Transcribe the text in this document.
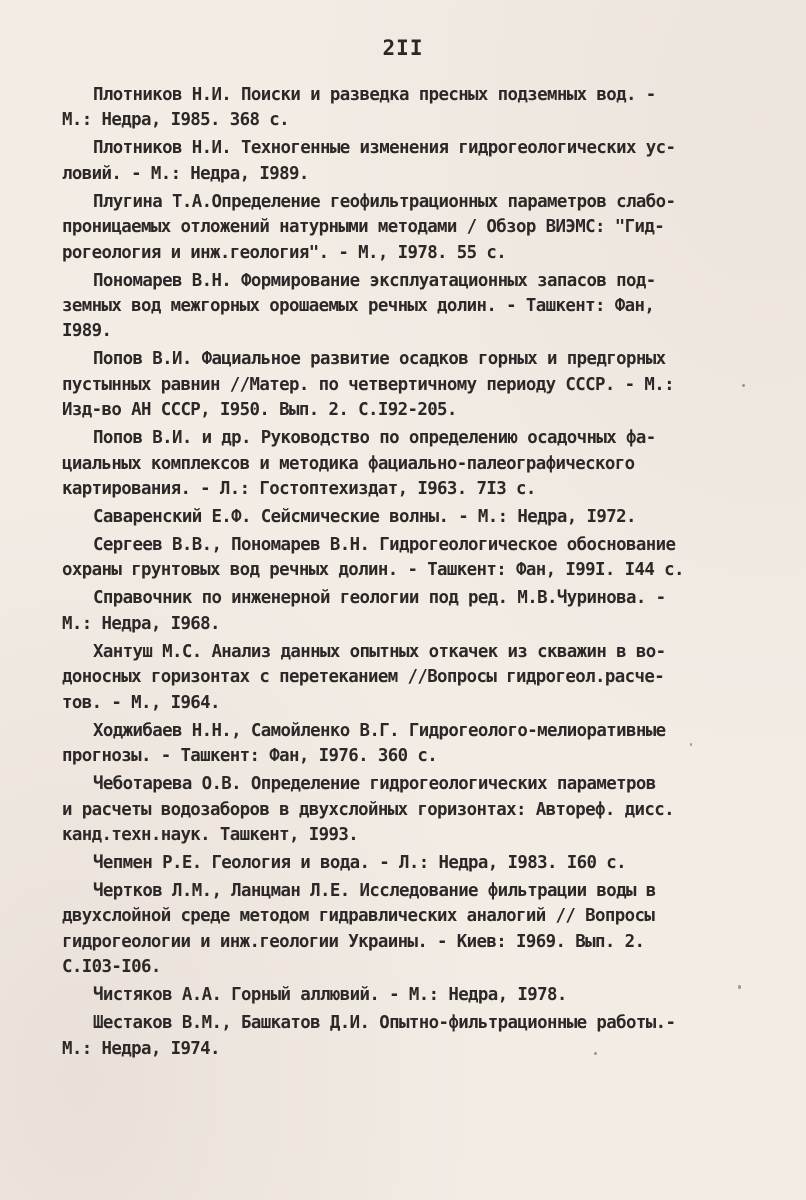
2II
Плотников Н.И. Поиски и разведка пресных подземных вод. -
М.: Недра, I985. 368 с.
Плотников Н.И. Техногенные изменения гидрогеологических ус-
ловий. - М.: Недра, I989.
Плугина Т.А.Определение геофильтрационных параметров слабо-
проницаемых отложений натурными методами / Обзор ВИЭМС: "Гид-
рогеология и инж.геология". - М., I978. 55 с.
Пономарев В.Н. Формирование эксплуатационных запасов под-
земных вод межгорных орошаемых речных долин. - Ташкент: Фан,
I989.
Попов В.И. Фациальное развитие осадков горных и предгорных
пустынных равнин //Матер. по четвертичному периоду СССР. - М.:
Изд-во АН СССР, I950. Вып. 2. С.I92-205.
Попов В.И. и др. Руководство по определению осадочных фа-
циальных комплексов и методика фациально-палеографического
картирования. - Л.: Гостоптехиздат, I963. 7I3 с.
Саваренский Е.Ф. Сейсмические волны. - М.: Недра, I972.
Сергеев В.В., Пономарев В.Н. Гидрогеологическое обоснование
охраны грунтовых вод речных долин. - Ташкент: Фан, I99I. I44 с.
Справочник по инженерной геологии под ред. М.В.Чуринова. -
М.: Недра, I968.
Хантуш М.С. Анализ данных опытных откачек из скважин в во-
доносных горизонтах с перетеканием //Вопросы гидрогеол.расче-
тов. - М., I964.
Ходжибаев Н.Н., Самойленко В.Г. Гидрогеолого-мелиоративные
прогнозы. - Ташкент: Фан, I976. 360 с.
Чеботарева О.В. Определение гидрогеологических параметров
и расчеты водозаборов в двухслойных горизонтах: Автореф. дисс.
канд.техн.наук. Ташкент, I993.
Чепмен Р.Е. Геология и вода. - Л.: Недра, I983. I60 с.
Чертков Л.М., Ланцман Л.Е. Исследование фильтрации воды в
двухслойной среде методом гидравлических аналогий // Вопросы
гидрогеологии и инж.геологии Украины. - Киев: I969. Вып. 2.
С.I03-I06.
Чистяков А.А. Горный аллювий. - М.: Недра, I978.
Шестаков В.М., Башкатов Д.И. Опытно-фильтрационные работы.-
М.: Недра, I974.
